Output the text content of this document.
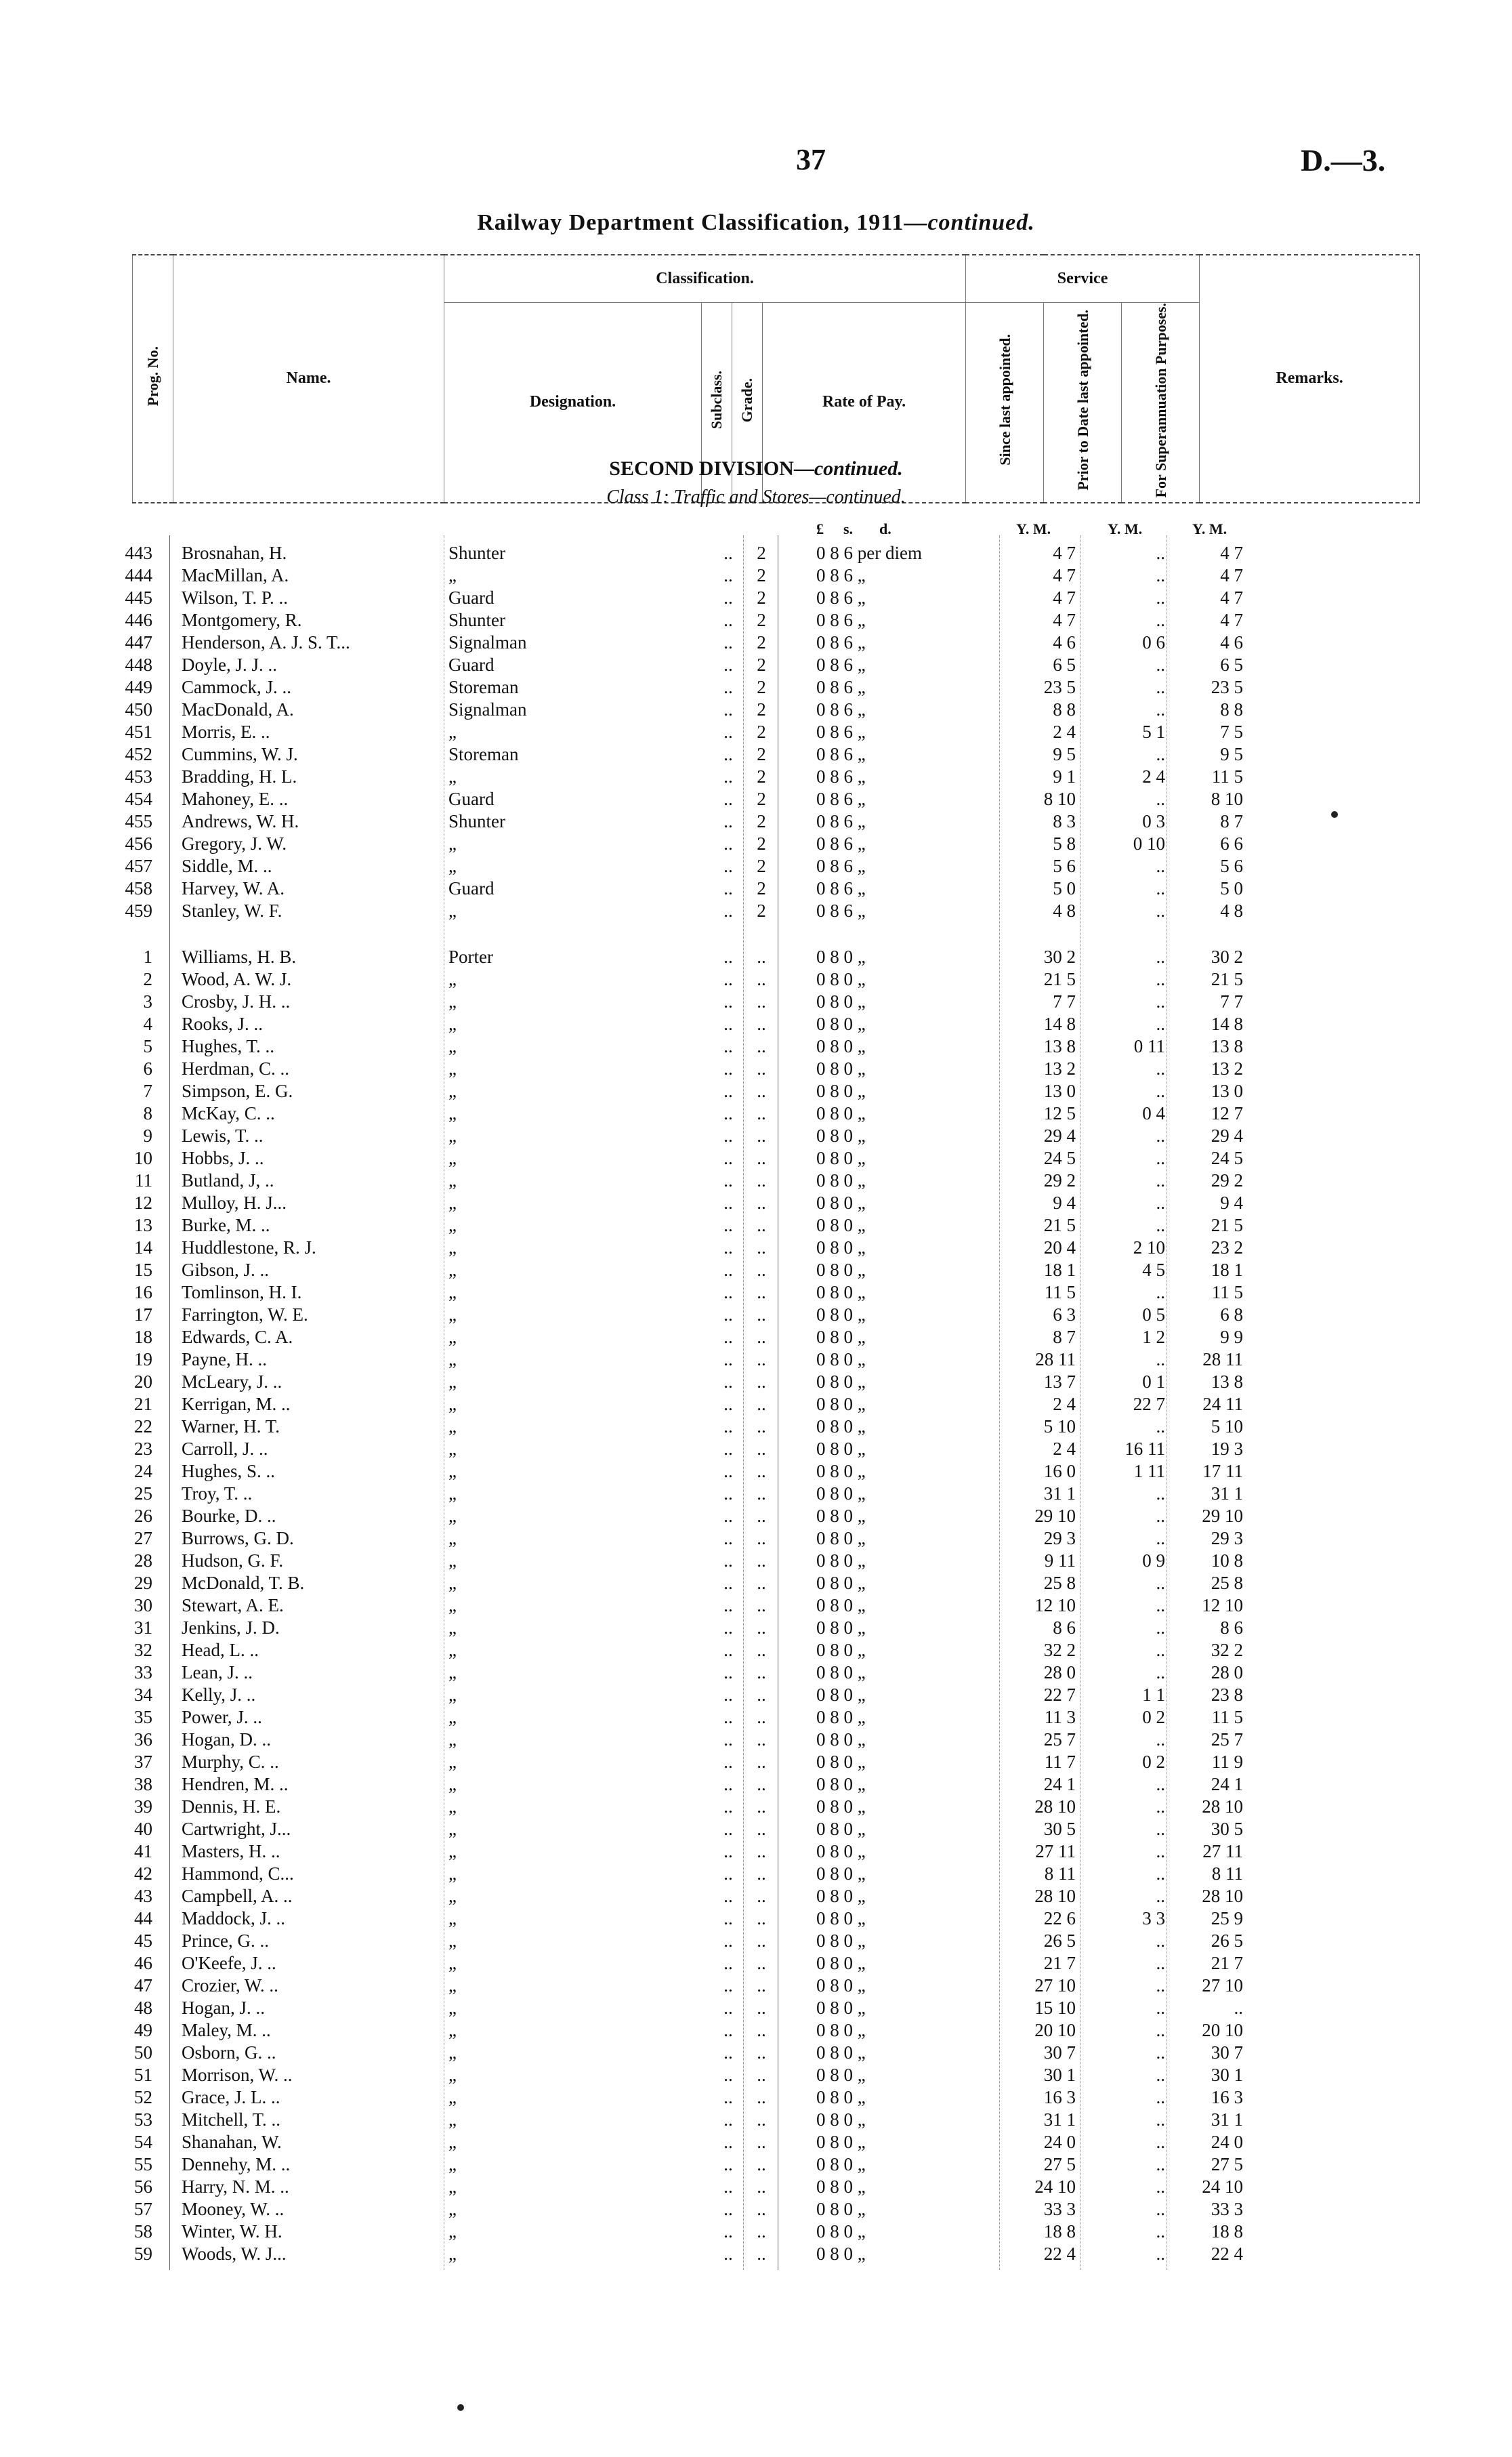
37	D.—3.
Railway Department Classification, 1911—continued.
Prog. No.	Name.	Classification.				Service			Remarks.
		Designation.	Subclass.	Grade.	Rate of Pay.	Since last appointed.	Prior to Date last appointed.	For Superannuation Purposes.	
SECOND DIVISION—continued.
Class 1: Traffic and Stores—continued.
£ s. d.	Y. M.	Y. M.	Y. M.
443 Brosnahan, H.	Shunter	..	2	0 8 6 per diem	4 7	..	4 7
444 MacMillan, A.	„	..	2	0 8 6 „	4 7	..	4 7
445 Wilson, T. P. ..	Guard	..	2	0 8 6 „	4 7	..	4 7
446 Montgomery, R.	Shunter	..	2	0 8 6 „	4 7	..	4 7
447 Henderson, A. J. S. T...	Signalman	..	2	0 8 6 „	4 6	0 6	4 6
448 Doyle, J. J. ..	Guard	..	2	0 8 6 „	6 5	..	6 5
449 Cammock, J. ..	Storeman	..	2	0 8 6 „	23 5	..	23 5
450 MacDonald, A.	Signalman	..	2	0 8 6 „	8 8	..	8 8
451 Morris, E. ..	„	..	2	0 8 6 „	2 4	5 1	7 5
452 Cummins, W. J.	Storeman	..	2	0 8 6 „	9 5	..	9 5
453 Bradding, H. L.	„	..	2	0 8 6 „	9 1	2 4	11 5
454 Mahoney, E. ..	Guard	..	2	0 8 6 „	8 10	..	8 10
455 Andrews, W. H.	Shunter	..	2	0 8 6 „	8 3	0 3	8 7
456 Gregory, J. W.	„	..	2	0 8 6 „	5 8	0 10	6 6
457 Siddle, M. ..	„	..	2	0 8 6 „	5 6	..	5 6
458 Harvey, W. A.	Guard	..	2	0 8 6 „	5 0	..	5 0
459 Stanley, W. F.	„	..	2	0 8 6 „	4 8	..	4 8
1 Williams, H. B.	Porter	..	..	0 8 0 „	30 2	..	30 2
2 Wood, A. W. J.	„	..	..	0 8 0 „	21 5	..	21 5
3 Crosby, J. H. ..	„	..	..	0 8 0 „	7 7	..	7 7
4 Rooks, J. ..	„	..	..	0 8 0 „	14 8	..	14 8
5 Hughes, T. ..	„	..	..	0 8 0 „	13 8	0 11	13 8
6 Herdman, C. ..	„	..	..	0 8 0 „	13 2	..	13 2
7 Simpson, E. G.	„	..	..	0 8 0 „	13 0	..	13 0
8 McKay, C. ..	„	..	..	0 8 0 „	12 5	0 4	12 7
9 Lewis, T. ..	„	..	..	0 8 0 „	29 4	..	29 4
10 Hobbs, J. ..	„	..	..	0 8 0 „	24 5	..	24 5
11 Butland, J, ..	„	..	..	0 8 0 „	29 2	..	29 2
12 Mulloy, H. J...	„	..	..	0 8 0 „	9 4	..	9 4
13 Burke, M. ..	„	..	..	0 8 0 „	21 5	..	21 5
14 Huddlestone, R. J.	„	..	..	0 8 0 „	20 4	2 10	23 2
15 Gibson, J. ..	„	..	..	0 8 0 „	18 1	4 5	18 1
16 Tomlinson, H. I.	„	..	..	0 8 0 „	11 5	..	11 5
17 Farrington, W. E.	„	..	..	0 8 0 „	6 3	0 5	6 8
18 Edwards, C. A.	„	..	..	0 8 0 „	8 7	1 2	9 9
19 Payne, H. ..	„	..	..	0 8 0 „	28 11	..	28 11
20 McLeary, J. ..	„	..	..	0 8 0 „	13 7	0 1	13 8
21 Kerrigan, M. ..	„	..	..	0 8 0 „	2 4	22 7	24 11
22 Warner, H. T.	„	..	..	0 8 0 „	5 10	..	5 10
23 Carroll, J. ..	„	..	..	0 8 0 „	2 4	16 11	19 3
24 Hughes, S. ..	„	..	..	0 8 0 „	16 0	1 11	17 11
25 Troy, T. ..	„	..	..	0 8 0 „	31 1	..	31 1
26 Bourke, D. ..	„	..	..	0 8 0 „	29 10	..	29 10
27 Burrows, G. D.	„	..	..	0 8 0 „	29 3	..	29 3
28 Hudson, G. F.	„	..	..	0 8 0 „	9 11	0 9	10 8
29 McDonald, T. B.	„	..	..	0 8 0 „	25 8	..	25 8
30 Stewart, A. E.	„	..	..	0 8 0 „	12 10	..	12 10
31 Jenkins, J. D.	„	..	..	0 8 0 „	8 6	..	8 6
32 Head, L. ..	„	..	..	0 8 0 „	32 2	..	32 2
33 Lean, J. ..	„	..	..	0 8 0 „	28 0	..	28 0
34 Kelly, J. ..	„	..	..	0 8 0 „	22 7	1 1	23 8
35 Power, J. ..	„	..	..	0 8 0 „	11 3	0 2	11 5
36 Hogan, D. ..	„	..	..	0 8 0 „	25 7	..	25 7
37 Murphy, C. ..	„	..	..	0 8 0 „	11 7	0 2	11 9
38 Hendren, M. ..	„	..	..	0 8 0 „	24 1	..	24 1
39 Dennis, H. E.	„	..	..	0 8 0 „	28 10	..	28 10
40 Cartwright, J...	„	..	..	0 8 0 „	30 5	..	30 5
41 Masters, H. ..	„	..	..	0 8 0 „	27 11	..	27 11
42 Hammond, C...	„	..	..	0 8 0 „	8 11	..	8 11
43 Campbell, A. ..	„	..	..	0 8 0 „	28 10	..	28 10
44 Maddock, J. ..	„	..	..	0 8 0 „	22 6	3 3	25 9
45 Prince, G. ..	„	..	..	0 8 0 „	26 5	..	26 5
46 O'Keefe, J. ..	„	..	..	0 8 0 „	21 7	..	21 7
47 Crozier, W. ..	„	..	..	0 8 0 „	27 10	..	27 10
48 Hogan, J. ..	„	..	..	0 8 0 „	15 10	..	..
49 Maley, M. ..	„	..	..	0 8 0 „	20 10	..	20 10
50 Osborn, G. ..	„	..	..	0 8 0 „	30 7	..	30 7
51 Morrison, W. ..	„	..	..	0 8 0 „	30 1	..	30 1
52 Grace, J. L. ..	„	..	..	0 8 0 „	16 3	..	16 3
53 Mitchell, T. ..	„	..	..	0 8 0 „	31 1	..	31 1
54 Shanahan, W.	„	..	..	0 8 0 „	24 0	..	24 0
55 Dennehy, M. ..	„	..	..	0 8 0 „	27 5	..	27 5
56 Harry, N. M. ..	„	..	..	0 8 0 „	24 10	..	24 10
57 Mooney, W. ..	„	..	..	0 8 0 „	33 3	..	33 3
58 Winter, W. H.	„	..	..	0 8 0 „	18 8	..	18 8
59 Woods, W. J...	„	..	..	0 8 0 „	22 4	..	22 4
